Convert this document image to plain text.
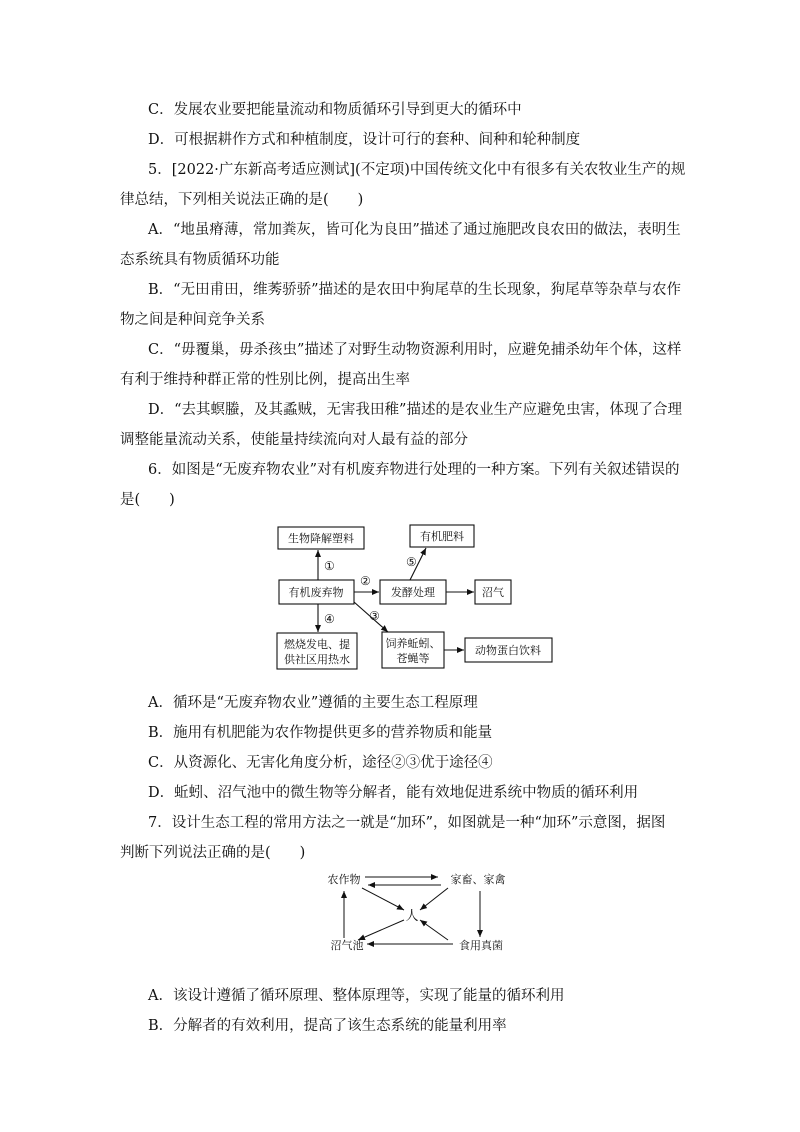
C．发展农业要把能量流动和物质循环引导到更大的循环中
D．可根据耕作方式和种植制度，设计可行的套种、间种和轮种制度
5．[2022·广东新高考适应测试](不定项)中国传统文化中有很多有关农牧业生产的规
律总结，下列相关说法正确的是(　　)
A．“地虽瘠薄，常加粪灰，皆可化为良田”描述了通过施肥改良农田的做法，表明生
态系统具有物质循环功能
B．“无田甫田，维莠骄骄”描述的是农田中狗尾草的生长现象，狗尾草等杂草与农作
物之间是种间竞争关系
C．“毋覆巢，毋杀孩虫”描述了对野生动物资源利用时，应避免捕杀幼年个体，这样
有利于维持种群正常的性别比例，提高出生率
D．“去其螟螣，及其蟊贼，无害我田稚”描述的是农业生产应避免虫害，体现了合理
调整能量流动关系，使能量持续流向对人最有益的部分
6．如图是“无废弃物农业”对有机废弃物进行处理的一种方案。下列有关叙述错误的
是(　　)
A．循环是“无废弃物农业”遵循的主要生态工程原理
B．施用有机肥能为农作物提供更多的营养物质和能量
C．从资源化、无害化角度分析，途径②③优于途径④
D．蚯蚓、沼气池中的微生物等分解者，能有效地促进系统中物质的循环利用
7．设计生态工程的常用方法之一就是“加环”，如图就是一种“加环”示意图，据图
判断下列说法正确的是(　　)
A．该设计遵循了循环原理、整体原理等，实现了能量的循环利用
B．分解者的有效利用，提高了该生态系统的能量利用率
生物降解塑料	有机肥料
有机废弃物	发酵处理	沼气
燃烧发电、提
供社区用热水
饲养蚯蚓、
苍蝇等
动物蛋白饮料
①
②
③
④
⑤
农作物	家畜、家禽
人
沼气池	食用真菌
